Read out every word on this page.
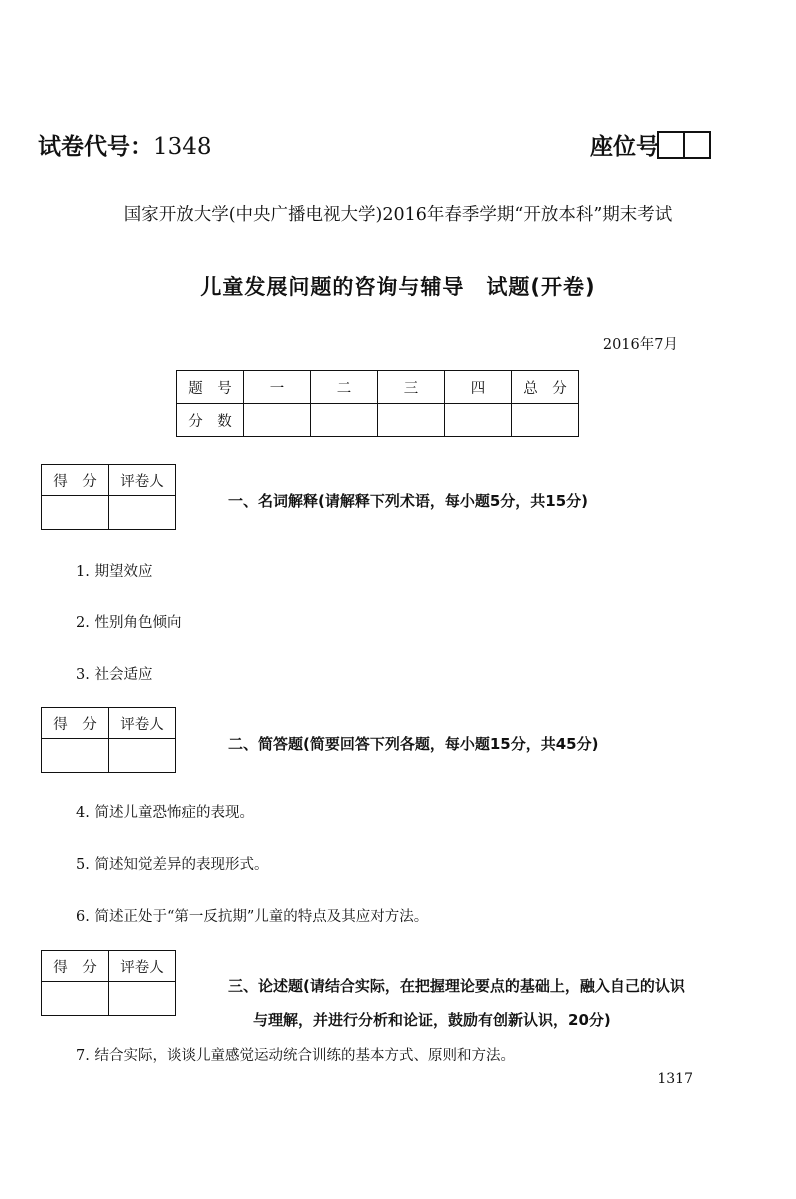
试卷代号：1348	座位号
国家开放大学(中央广播电视大学)2016年春季学期“开放本科”期末考试
儿童发展问题的咨询与辅导　试题(开卷)
2016年7月
题　号	一	二	三	四	总　分
分　数					
得　分	评卷人

一、名词解释(请解释下列术语，每小题5分，共15分)
1. 期望效应
2. 性别角色倾向
3. 社会适应
得　分	评卷人

二、简答题(简要回答下列各题，每小题15分，共45分)
4. 简述儿童恐怖症的表现。
5. 简述知觉差异的表现形式。
6. 简述正处于“第一反抗期”儿童的特点及其应对方法。
得　分	评卷人

三、论述题(请结合实际，在把握理论要点的基础上，融入自己的认识
与理解，并进行分析和论证，鼓励有创新认识，20分)
7. 结合实际，谈谈儿童感觉运动统合训练的基本方式、原则和方法。
1317
